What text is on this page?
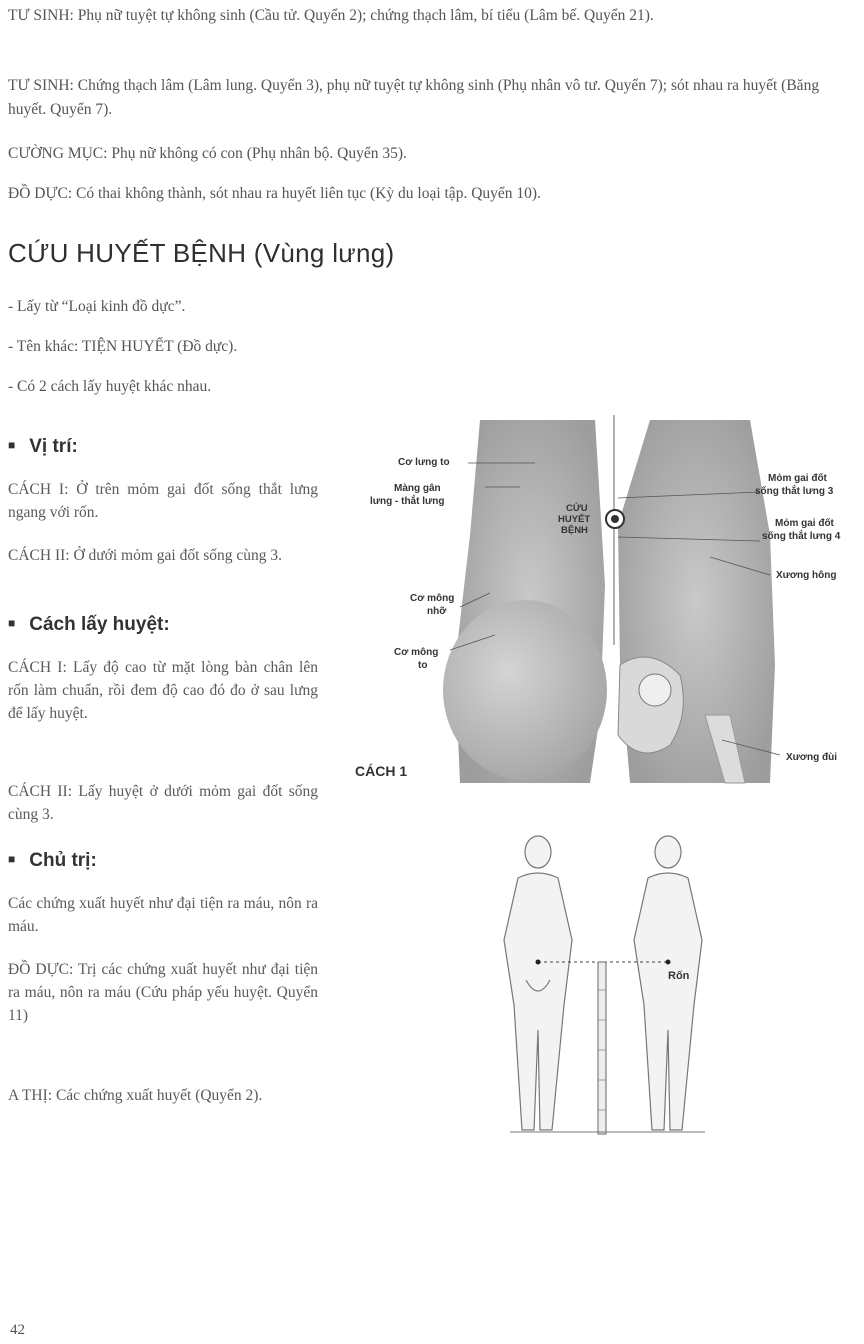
TƯ SINH: Phụ nữ tuyệt tự không sinh (Cầu tử. Quyển 2); chứng thạch lâm, bí tiểu (Lâm bế. Quyển 21).

TƯ SINH: Chứng thạch lâm (Lâm lung. Quyển 3), phụ nữ tuyệt tự không sinh (Phụ nhân vô tư. Quyển 7); sót nhau ra huyết (Băng huyết. Quyển 7).

CƯỜNG MỤC: Phụ nữ không có con (Phụ nhân bộ. Quyển 35).

ĐỒ DỰC: Có thai không thành, sót nhau ra huyết liên tục (Kỳ du loại tập. Quyển 10).

CỨU HUYẾT BỆNH (Vùng lưng)

- Lấy từ “Loại kinh đồ dực”.

- Tên khác: TIỆN HUYẾT (Đồ dực).

- Có 2 cách lấy huyệt khác nhau.

■ Vị trí:

CÁCH I: Ở trên mỏm gai đốt sống thắt lưng ngang với rốn.

CÁCH II: Ở dưới mỏm gai đốt sống cùng 3.

■ Cách lấy huyệt:

CÁCH I: Lấy độ cao từ mặt lòng bàn chân lên rốn làm chuẩn, rồi đem độ cao đó đo ở sau lưng để lấy huyệt.

CÁCH II: Lấy huyệt ở dưới mỏm gai đốt sống cùng 3.

■ Chủ trị:

Các chứng xuất huyết như đại tiện ra máu, nôn ra máu.

ĐỒ DỰC: Trị các chứng xuất huyết như đại tiện ra máu, nôn ra máu (Cứu pháp yếu huyệt. Quyển 11)

A THỊ: Các chứng xuất huyết (Quyển 2).

Cơ lưng to
Màng gân
lưng - thắt lưng
CỨU
HUYẾT
BỆNH
Mỏm gai đốt
sống thắt lưng 3
Mỏm gai đốt
sống thắt lưng 4
Xương hông
Cơ mông
nhỡ
Cơ mông
to
Xương đùi

CÁCH 1

Rốn

42
